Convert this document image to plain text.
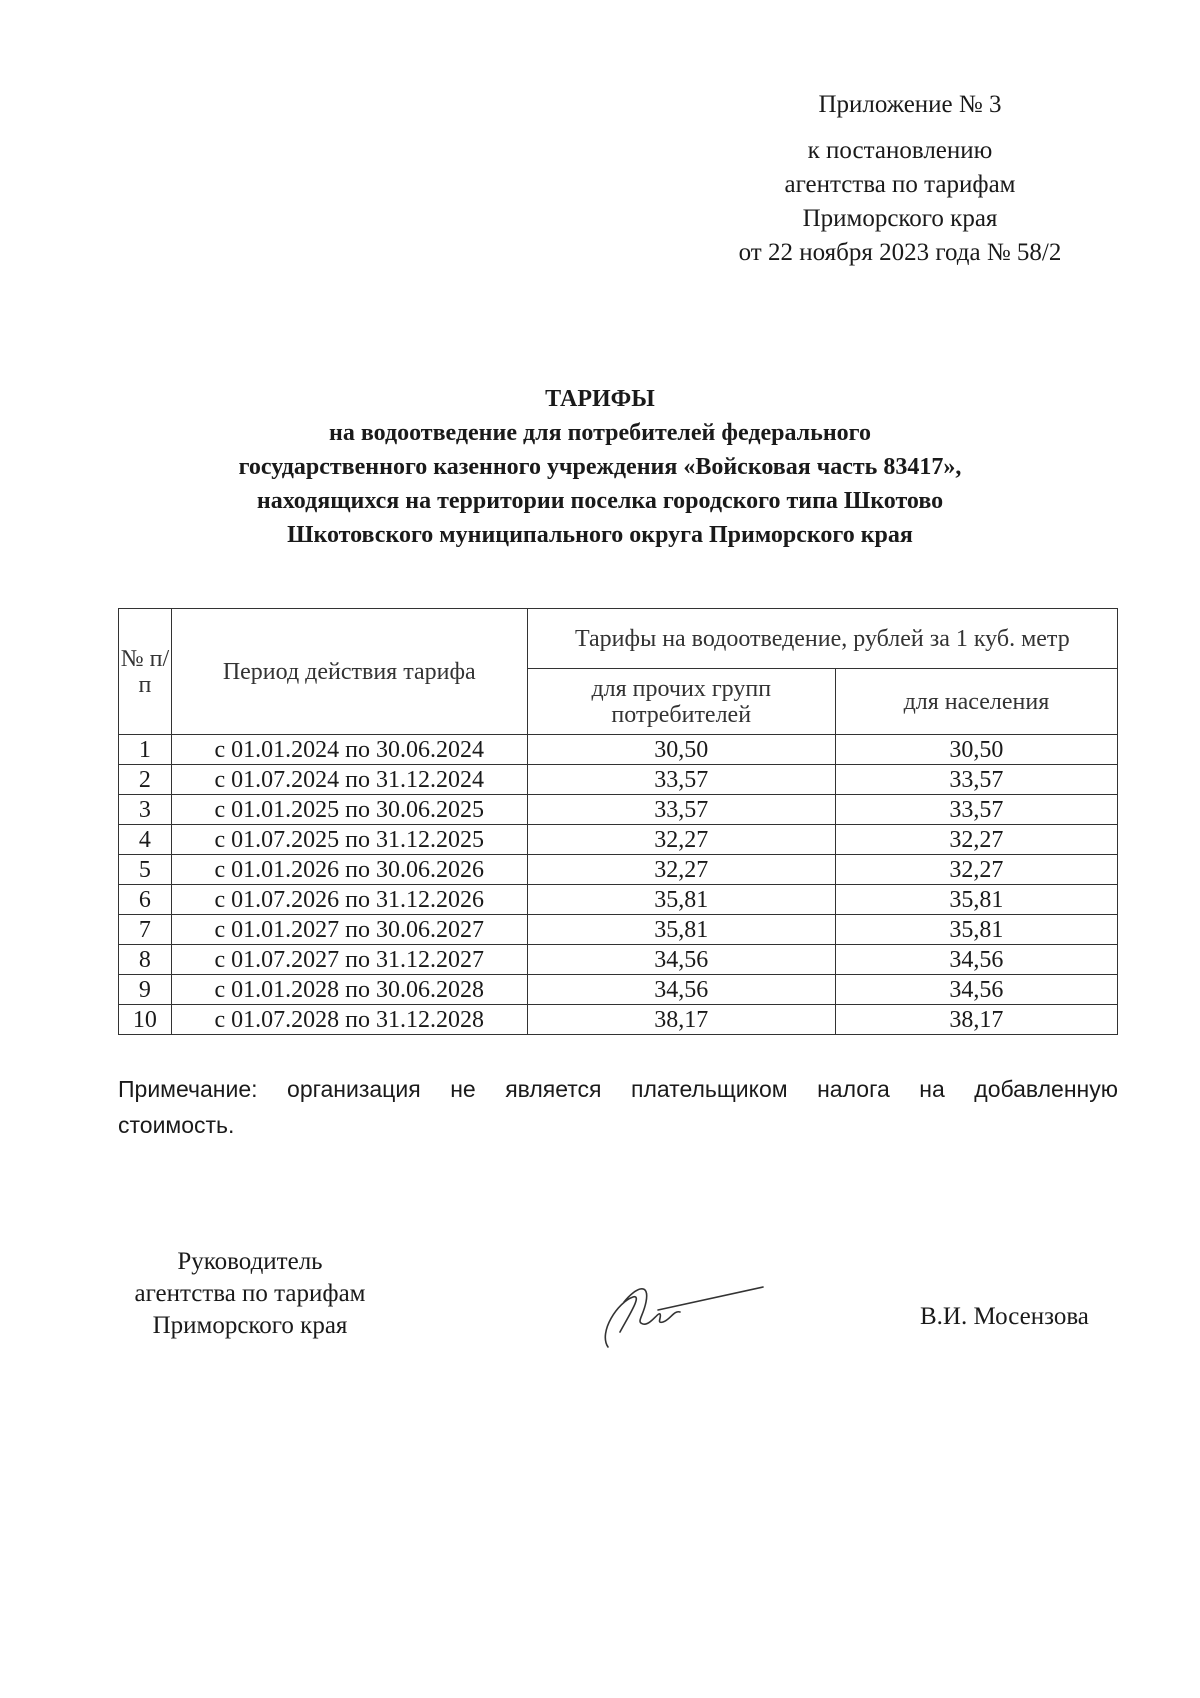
Приложение № 3
к постановлению
агентства по тарифам
Приморского края
от 22 ноября 2023 года № 58/2
ТАРИФЫ
на водоотведение для потребителей федерального
государственного казенного учреждения «Войсковая часть 83417»,
находящихся на территории поселка городского типа Шкотово
Шкотовского муниципального округа Приморского края
№ п/п	Период действия тарифа	Тарифы на водоотведение, рублей за 1 куб. метр	
		для прочих групп потребителей	для населения
1	с 01.01.2024 по 30.06.2024	30,50	30,50
2	с 01.07.2024 по 31.12.2024	33,57	33,57
3	с 01.01.2025 по 30.06.2025	33,57	33,57
4	с 01.07.2025 по 31.12.2025	32,27	32,27
5	с 01.01.2026 по 30.06.2026	32,27	32,27
6	с 01.07.2026 по 31.12.2026	35,81	35,81
7	с 01.01.2027 по 30.06.2027	35,81	35,81
8	с 01.07.2027 по 31.12.2027	34,56	34,56
9	с 01.01.2028 по 30.06.2028	34,56	34,56
10	с 01.07.2028 по 31.12.2028	38,17	38,17
Примечание: организация не является плательщиком налога на добавленную стоимость.
Руководитель
агентства по тарифам
Приморского края	В.И. Мосензова
